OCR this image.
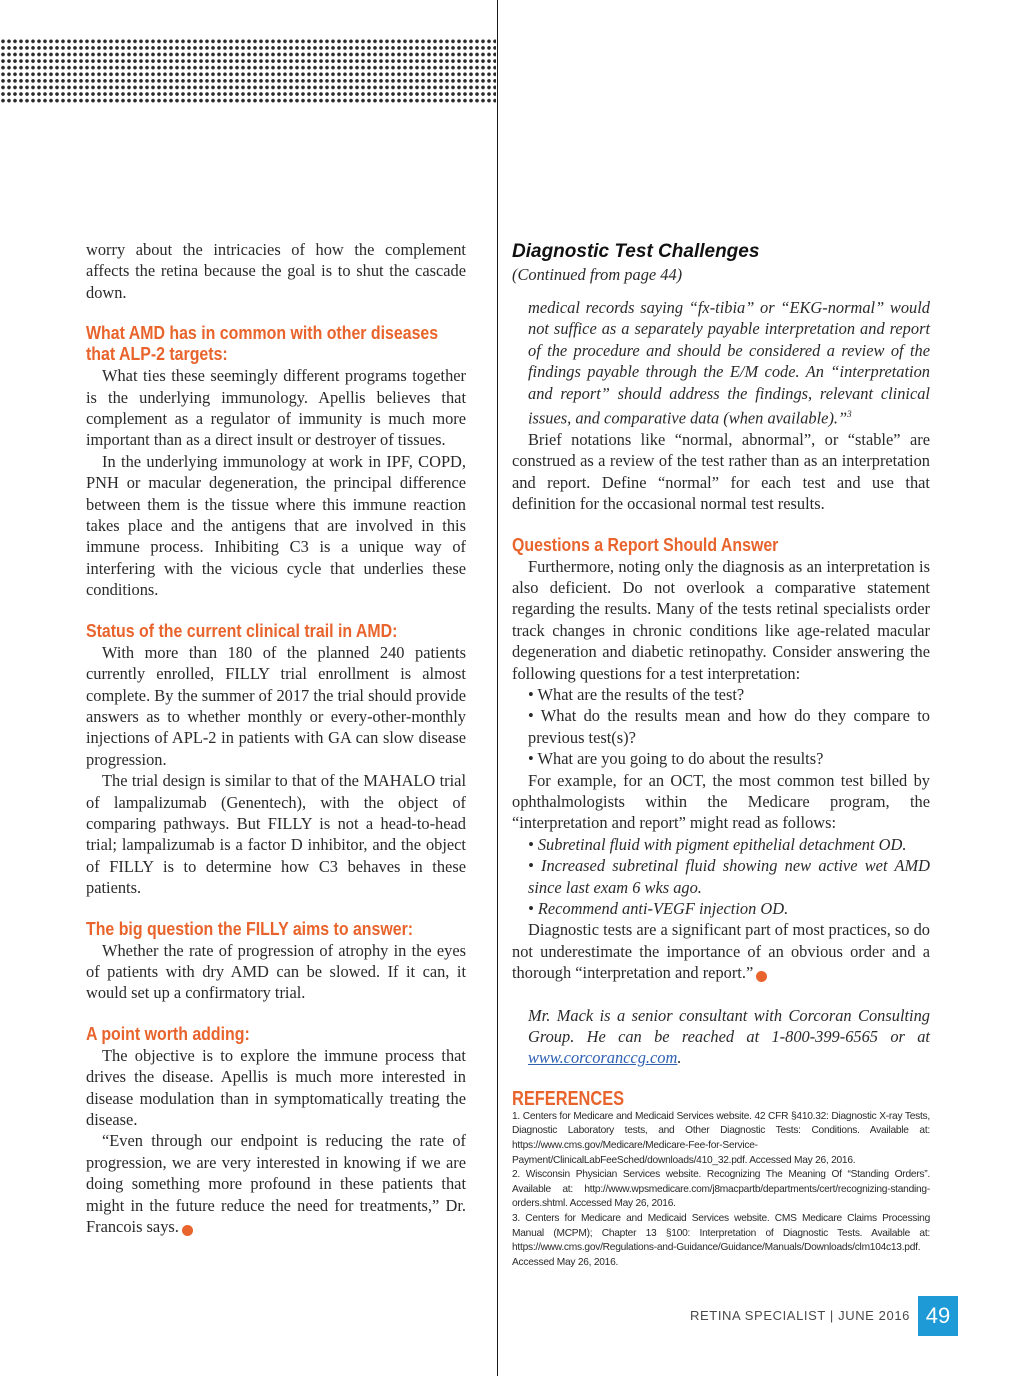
worry about the intricacies of how the complement affects the retina because the goal is to shut the cascade down.

What AMD has in common with other diseases that ALP-2 targets:

What ties these seemingly different programs together is the underlying immunology. Apellis believes that complement as a regulator of immunity is much more important than as a direct insult or destroyer of tissues.

In the underlying immunology at work in IPF, COPD, PNH or macular degeneration, the principal difference between them is the tissue where this immune reaction takes place and the antigens that are involved in this immune process. Inhibiting C3 is a unique way of interfering with the vicious cycle that underlies these conditions.

Status of the current clinical trail in AMD:

With more than 180 of the planned 240 patients currently enrolled, FILLY trial enrollment is almost complete. By the summer of 2017 the trial should provide answers as to whether monthly or every-other-monthly injections of APL-2 in patients with GA can slow disease progression.

The trial design is similar to that of the MAHALO trial of lampalizumab (Genentech), with the object of comparing pathways. But FILLY is not a head-to-head trial; lampalizumab is a factor D inhibitor, and the object of FILLY is to determine how C3 behaves in these patients.

The big question the FILLY aims to answer:

Whether the rate of progression of atrophy in the eyes of patients with dry AMD can be slowed. If it can, it would set up a confirmatory trial.

A point worth adding:

The objective is to explore the immune process that drives the disease. Apellis is much more interested in disease modulation than in symptomatically treating the disease.

“Even through our endpoint is reducing the rate of progression, we are very interested in knowing if we are doing something more profound in these patients that might in the future reduce the need for treatments,” Dr. Francois says.	RS

Diagnostic Test Challenges
(Continued from page 44)

medical records saying “fx-tibia” or “EKG-normal” would not suffice as a separately payable interpretation and report of the procedure and should be considered a review of the findings payable through the E/M code. An “interpretation and report” should address the findings, relevant clinical issues, and comparative data (when available).”$^3$

Brief notations like “normal, abnormal”, or “stable” are construed as a review of the test rather than as an interpretation and report. Define “normal” for each test and use that definition for the occasional normal test results.

Questions a Report Should Answer

Furthermore, noting only the diagnosis as an interpretation is also deficient. Do not overlook a comparative statement regarding the results. Many of the tests retinal specialists order track changes in chronic conditions like age-related macular degeneration and diabetic retinopathy. Consider answering the following questions for a test interpretation:

• What are the results of the test?

• What do the results mean and how do they compare to previous test(s)?

• What are you going to do about the results?

For example, for an OCT, the most common test billed by ophthalmologists within the Medicare program, the “interpretation and report” might read as follows:

• Subretinal fluid with pigment epithelial detachment OD.

• Increased subretinal fluid showing new active wet AMD since last exam 6 wks ago.

• Recommend anti-VEGF injection OD.

Diagnostic tests are a significant part of most practices, so do not underestimate the importance of an obvious order and a thorough “interpretation and report.”	RS

Mr. Mack is a senior consultant with Corcoran Consulting Group. He can be reached at 1-800-399-6565 or at www.corcoranccg.com.

REFERENCES
1. Centers for Medicare and Medicaid Services website. 42 CFR §410.32: Diagnostic X-ray Tests, Diagnostic Laboratory tests, and Other Diagnostic Tests: Conditions. Available at: https://www.cms.gov/Medicare/Medicare-Fee-for-Service-Payment/ClinicalLabFeeSched/downloads/410_32.pdf. Accessed May 26, 2016.
2. Wisconsin Physician Services website. Recognizing The Meaning Of “Standing Orders”. Available at: http://www.wpsmedicare.com/j8macpartb/departments/cert/recognizing-standing-orders.shtml. Accessed May 26, 2016.
3. Centers for Medicare and Medicaid Services website. CMS Medicare Claims Processing Manual (MCPM); Chapter 13 §100: Interpretation of Diagnostic Tests. Available at: https://www.cms.gov/Regulations-and-Guidance/Guidance/Manuals/Downloads/clm104c13.pdf. Accessed May 26, 2016.
RETINA SPECIALIST | JUNE 2016 49
